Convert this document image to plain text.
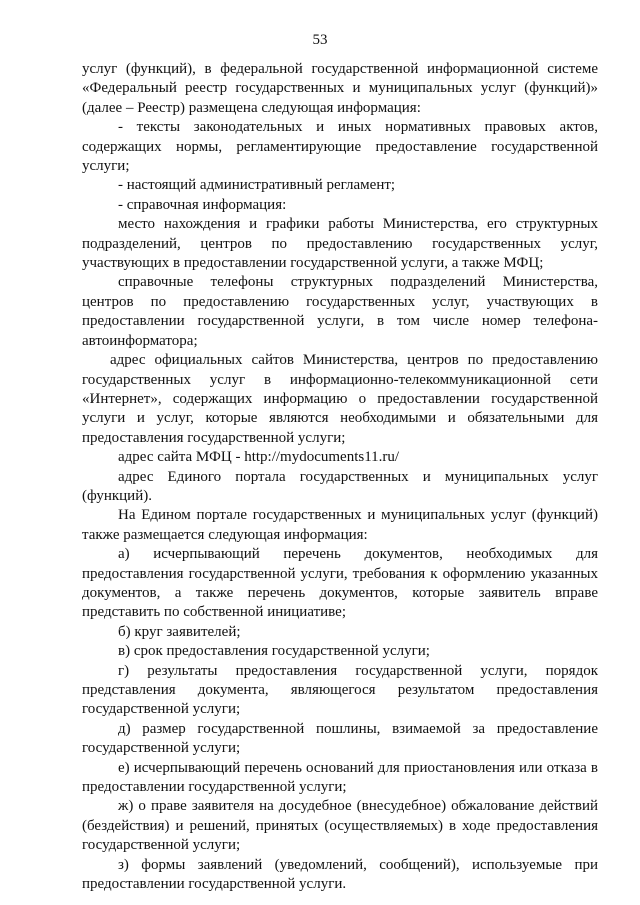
53

услуг (функций), в федеральной государственной информационной системе «Федеральный реестр государственных и муниципальных услуг (функций)» (далее – Реестр) размещена следующая информация:

- тексты законодательных и иных нормативных правовых актов, содержащих нормы, регламентирующие предоставление государственной услуги;

- настоящий административный регламент;

- справочная информация:

место нахождения и графики работы Министерства, его структурных подразделений, центров по предоставлению государственных услуг, участвующих в предоставлении государственной услуги, а также МФЦ;

справочные телефоны структурных подразделений Министерства, центров по предоставлению государственных услуг, участвующих в предоставлении государственной услуги, в том числе номер телефона-автоинформатора;

адрес официальных сайтов Министерства, центров по предоставлению государственных услуг в информационно-телекоммуникационной сети «Интернет», содержащих информацию о предоставлении государственной услуги и услуг, которые являются необходимыми и обязательными для предоставления государственной услуги;

адрес сайта МФЦ - http://mydocuments11.ru/

адрес Единого портала государственных и муниципальных услуг (функций).

На Едином портале государственных и муниципальных услуг (функций) также размещается следующая информация:

а) исчерпывающий перечень документов, необходимых для предоставления государственной услуги, требования к оформлению указанных документов, а также перечень документов, которые заявитель вправе представить по собственной инициативе;

б) круг заявителей;

в) срок предоставления государственной услуги;

г) результаты предоставления государственной услуги, порядок представления документа, являющегося результатом предоставления государственной услуги;

д) размер государственной пошлины, взимаемой за предоставление государственной услуги;

е) исчерпывающий перечень оснований для приостановления или отказа в предоставлении государственной услуги;

ж) о праве заявителя на досудебное (внесудебное) обжалование действий (бездействия) и решений, принятых (осуществляемых) в ходе предоставления государственной услуги;

з) формы заявлений (уведомлений, сообщений), используемые при предоставлении государственной услуги.
